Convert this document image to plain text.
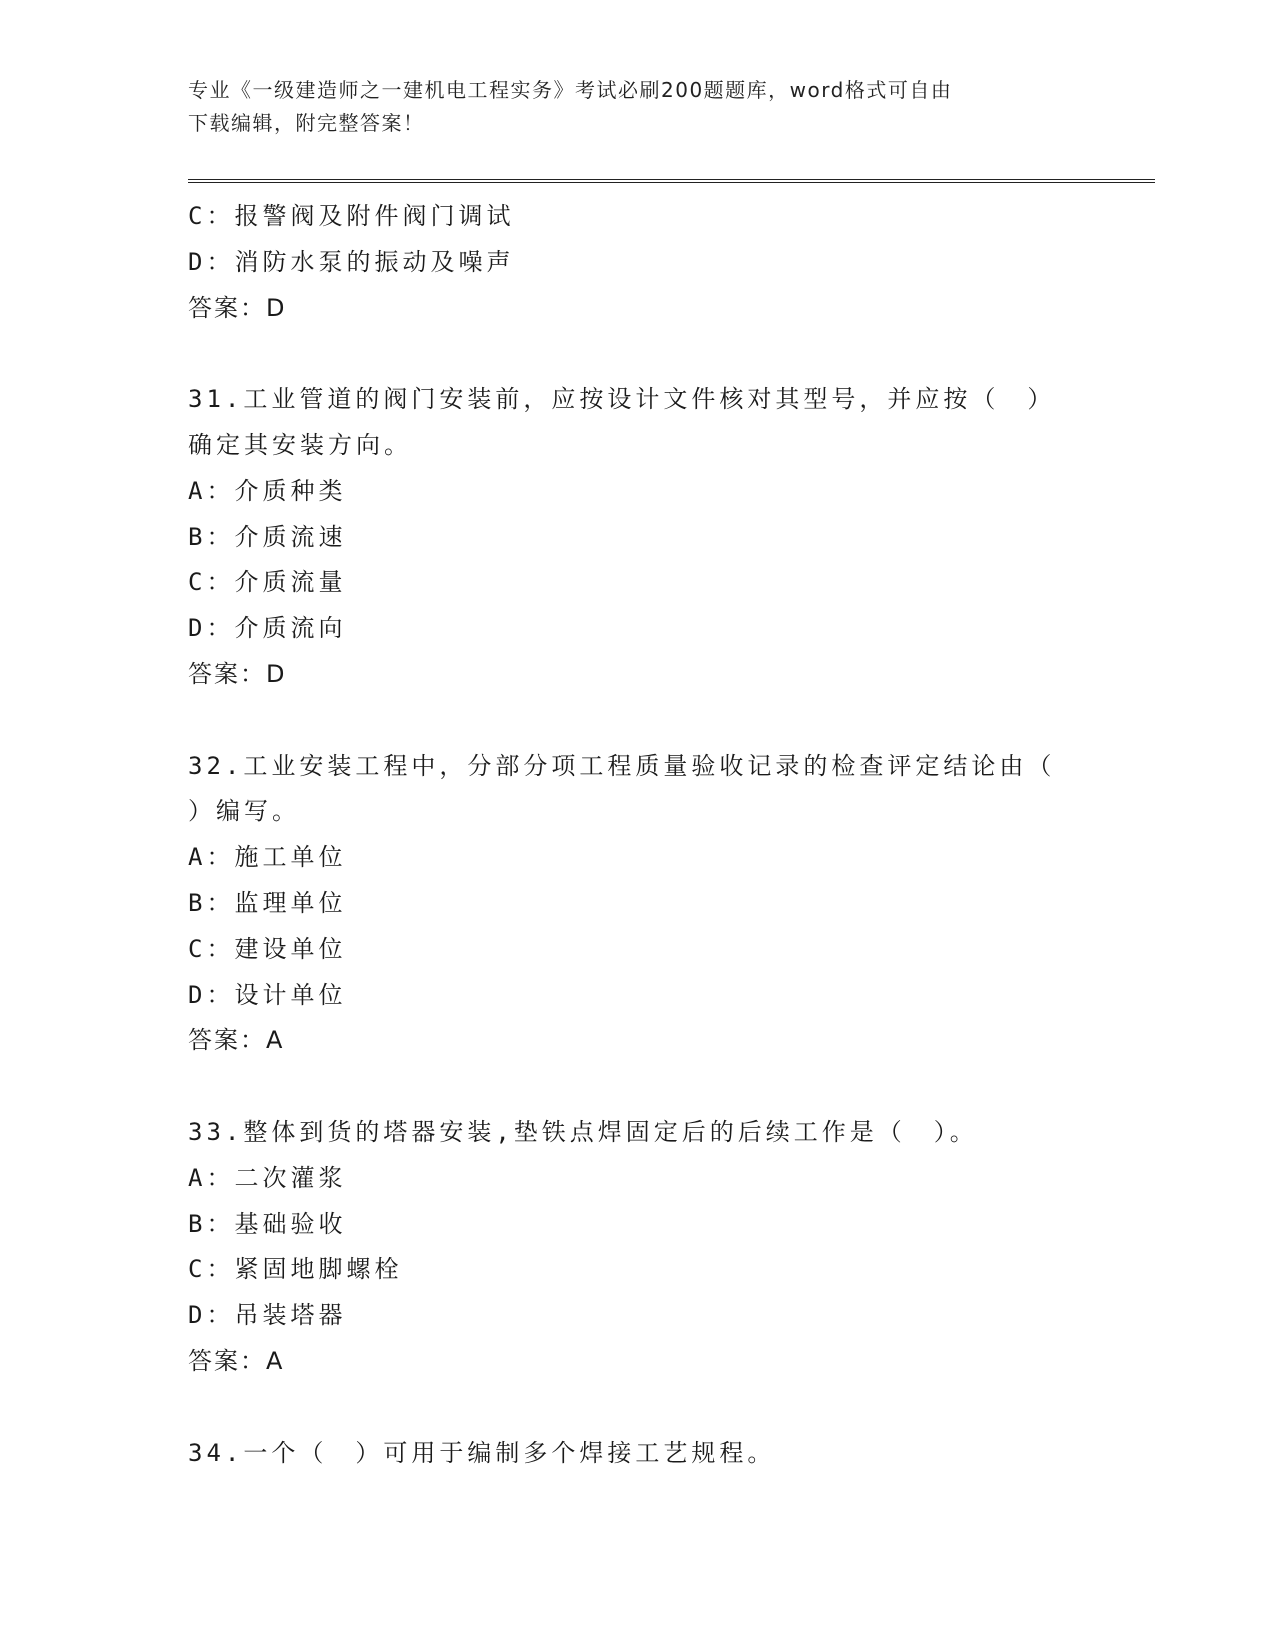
专业《一级建造师之一建机电工程实务》考试必刷200题题库，word格式可自由
下载编辑，附完整答案！
C：报警阀及附件阀门调试
D：消防水泵的振动及噪声
答案：D
31.工业管道的阀门安装前，应按设计文件核对其型号，并应按（　）
确定其安装方向。
A：介质种类
B：介质流速
C：介质流量
D：介质流向
答案：D
32.工业安装工程中，分部分项工程质量验收记录的检查评定结论由（
）编写。
A：施工单位
B：监理单位
C：建设单位
D：设计单位
答案：A
33.整体到货的塔器安装,垫铁点焊固定后的后续工作是（　）。
A：二次灌浆
B：基础验收
C：紧固地脚螺栓
D：吊装塔器
答案：A
34.一个（　）可用于编制多个焊接工艺规程。
